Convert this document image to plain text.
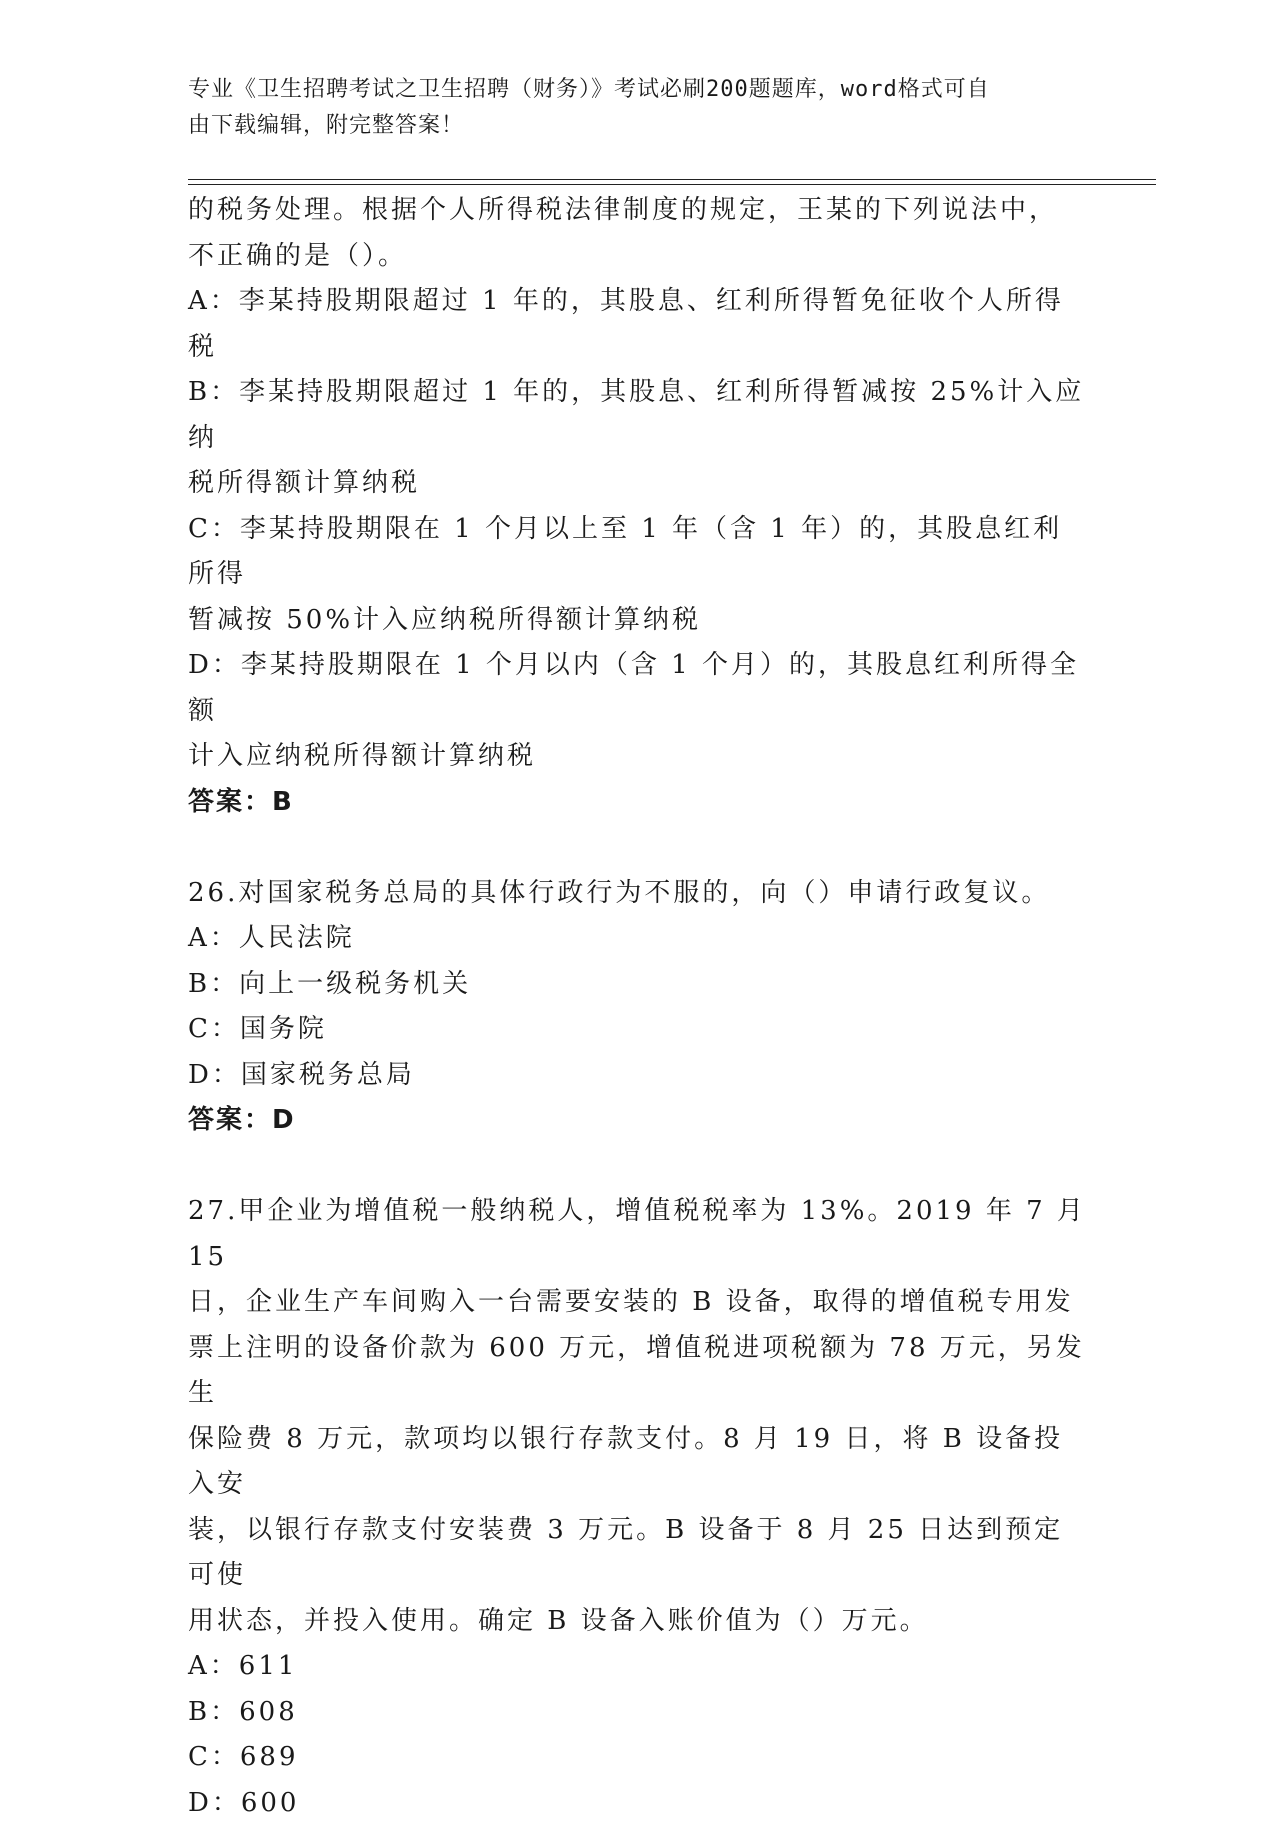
专业《卫生招聘考试之卫生招聘（财务）》考试必刷200题题库，word格式可自
由下载编辑，附完整答案！

的税务处理。根据个人所得税法律制度的规定，王某的下列说法中，

不正确的是（）。

A：李某持股期限超过 1 年的，其股息、红利所得暂免征收个人所得税

B：李某持股期限超过 1 年的，其股息、红利所得暂减按 25%计入应纳

税所得额计算纳税

C：李某持股期限在 1 个月以上至 1 年（含 1 年）的，其股息红利所得

暂减按 50%计入应纳税所得额计算纳税

D：李某持股期限在 1 个月以内（含 1 个月）的，其股息红利所得全额

计入应纳税所得额计算纳税

答案：B

26.对国家税务总局的具体行政行为不服的，向（）申请行政复议。

A：人民法院

B：向上一级税务机关

C：国务院

D：国家税务总局

答案：D

27.甲企业为增值税一般纳税人，增值税税率为 13%。2019 年 7 月 15

日，企业生产车间购入一台需要安装的 B 设备，取得的增值税专用发

票上注明的设备价款为 600 万元，增值税进项税额为 78 万元，另发生

保险费 8 万元，款项均以银行存款支付。8 月 19 日，将 B 设备投入安

装，以银行存款支付安装费 3 万元。B 设备于 8 月 25 日达到预定可使

用状态，并投入使用。确定 B 设备入账价值为（）万元。

A：611

B：608

C：689

D：600
